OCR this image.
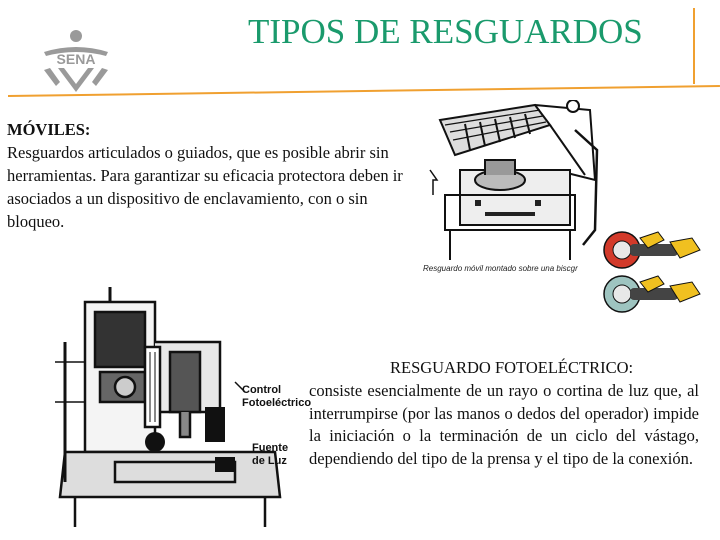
TIPOS DE RESGUARDOS
SENA
MÓVILES:
Resguardos articulados o guiados, que es posible abrir sin herramientas. Para garantizar su eficacia protectora deben ir asociados a un dispositivo de enclavamiento, con o sin bloqueo.
Resguardo móvil montado sobre una biscgr
Control
Fotoeléctrico
Fuente
de Luz
RESGUARDO FOTOELÉCTRICO:
consiste esencialmente de un rayo o cortina de luz que, al interrumpirse (por las manos o dedos del operador) impide la iniciación o la terminación de un ciclo del vástago, dependiendo del tipo de la prensa y el tipo de la conexión.
